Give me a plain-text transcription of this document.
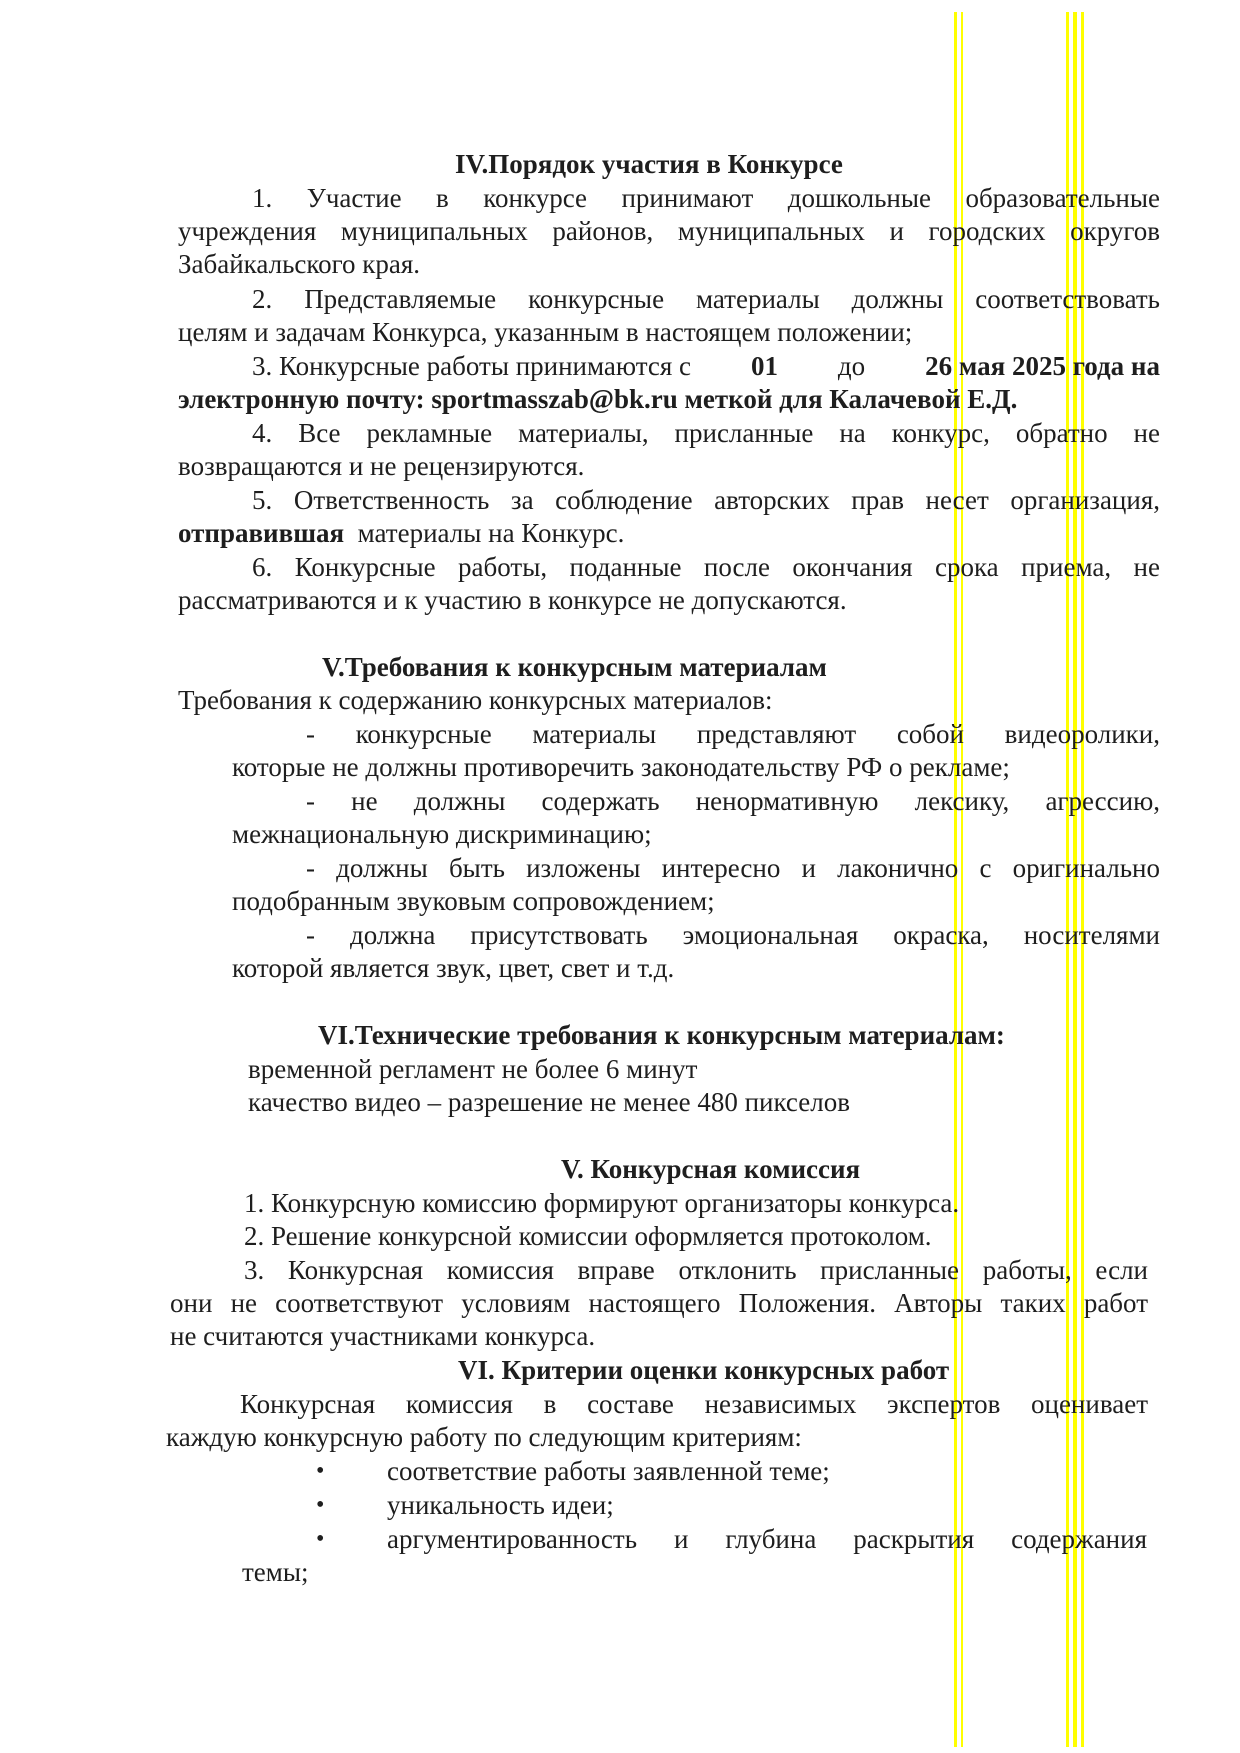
IV.Порядок участия в Конкурсе
1. Участие в конкурсе принимают дошкольные образовательные
учреждения муниципальных районов, муниципальных и городских округов
Забайкальского края.
2. Представляемые конкурсные материалы должны соответствовать
целям и задачам Конкурса, указанным в настоящем положении;
3. Конкурсные работы принимаются с 01 до 26 мая 2025 года на
электронную почту: sportmasszab@bk.ru меткой для Калачевой Е.Д.
4. Все рекламные материалы, присланные на конкурс, обратно не
возвращаются и не рецензируются.
5. Ответственность за соблюдение авторских прав несет организация,
отправившая материалы на Конкурс.
6. Конкурсные работы, поданные после окончания срока приема, не
рассматриваются и к участию в конкурсе не допускаются.
V.Требования к конкурсным материалам
Требования к содержанию конкурсных материалов:
- конкурсные материалы представляют собой видеоролики,
которые не должны противоречить законодательству РФ о рекламе;
- не должны содержать ненормативную лексику, агрессию,
межнациональную дискриминацию;
- должны быть изложены интересно и лаконично с оригинально
подобранным звуковым сопровождением;
- должна присутствовать эмоциональная окраска, носителями
которой является звук, цвет, свет и т.д.
VI.Технические требования к конкурсным материалам:
временной регламент не более 6 минут
качество видео – разрешение не менее 480 пикселов
V. Конкурсная комиссия
1. Конкурсную комиссию формируют организаторы конкурса.
2. Решение конкурсной комиссии оформляется протоколом.
3. Конкурсная комиссия вправе отклонить присланные работы, если
они не соответствуют условиям настоящего Положения. Авторы таких работ
не считаются участниками конкурса.
VI. Критерии оценки конкурсных работ
Конкурсная комиссия в составе независимых экспертов оценивает
каждую конкурсную работу по следующим критериям:
• соответствие работы заявленной теме;
• уникальность идеи;
• аргументированность и глубина раскрытия содержания
темы;
